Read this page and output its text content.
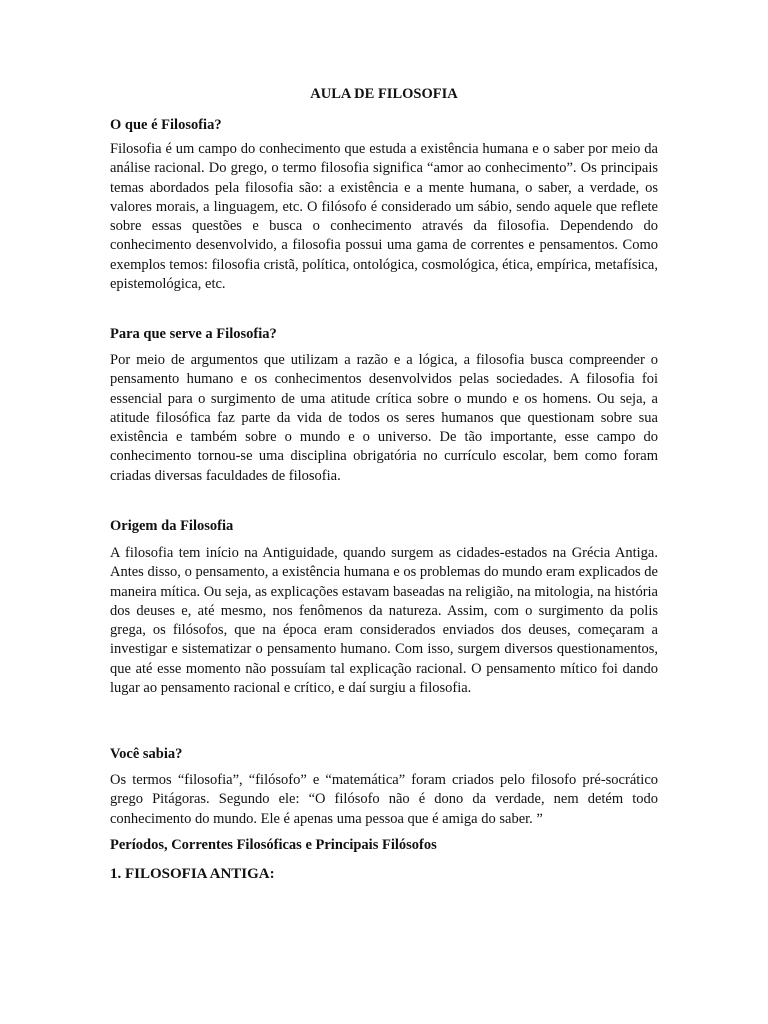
AULA DE FILOSOFIA
O que é Filosofia?

Filosofia é um campo do conhecimento que estuda a existência humana e o saber por meio da análise racional. Do grego, o termo filosofia significa “amor ao conhecimento”. Os principais temas abordados pela filosofia são: a existência e a mente humana, o saber, a verdade, os valores morais, a linguagem, etc. O filósofo é considerado um sábio, sendo aquele que reflete sobre essas questões e busca o conhecimento através da filosofia. Dependendo do conhecimento desenvolvido, a filosofia possui uma gama de correntes e pensamentos. Como exemplos temos: filosofia cristã, política, ontológica, cosmológica, ética, empírica, metafísica, epistemológica, etc.

Para que serve a Filosofia?

Por meio de argumentos que utilizam a razão e a lógica, a filosofia busca compreender o pensamento humano e os conhecimentos desenvolvidos pelas sociedades. A filosofia foi essencial para o surgimento de uma atitude crítica sobre o mundo e os homens. Ou seja, a atitude filosófica faz parte da vida de todos os seres humanos que questionam sobre sua existência e também sobre o mundo e o universo. De tão importante, esse campo do conhecimento tornou-se uma disciplina obrigatória no currículo escolar, bem como foram criadas diversas faculdades de filosofia.

Origem da Filosofia

A filosofia tem início na Antiguidade, quando surgem as cidades-estados na Grécia Antiga. Antes disso, o pensamento, a existência humana e os problemas do mundo eram explicados de maneira mítica. Ou seja, as explicações estavam baseadas na religião, na mitologia, na história dos deuses e, até mesmo, nos fenômenos da natureza. Assim, com o surgimento da polis grega, os filósofos, que na época eram considerados enviados dos deuses, começaram a investigar e sistematizar o pensamento humano. Com isso, surgem diversos questionamentos, que até esse momento não possuíam tal explicação racional. O pensamento mítico foi dando lugar ao pensamento racional e crítico, e daí surgiu a filosofia.

Você sabia?

Os termos “filosofia”, “filósofo” e “matemática” foram criados pelo filosofo pré-socrático grego Pitágoras. Segundo ele: “O filósofo não é dono da verdade, nem detém todo conhecimento do mundo. Ele é apenas uma pessoa que é amiga do saber. ”

Períodos, Correntes Filosóficas e Principais Filósofos
1. FILOSOFIA ANTIGA:
